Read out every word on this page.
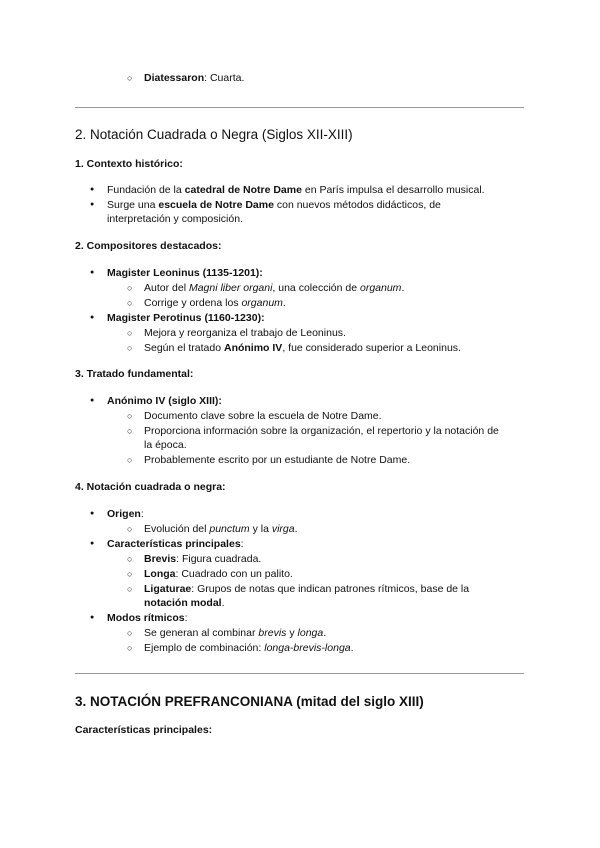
○ Diatessaron: Cuarta.
2. Notación Cuadrada o Negra (Siglos XII-XIII)
1. Contexto histórico:
● Fundación de la catedral de Notre Dame en París impulsa el desarrollo musical.
● Surge una escuela de Notre Dame con nuevos métodos didácticos, de
interpretación y composición.
2. Compositores destacados:
● Magister Leoninus (1135-1201):
○ Autor del Magni liber organi, una colección de organum.
○ Corrige y ordena los organum.
● Magister Perotinus (1160-1230):
○ Mejora y reorganiza el trabajo de Leoninus.
○ Según el tratado Anónimo IV, fue considerado superior a Leoninus.
3. Tratado fundamental:
● Anónimo IV (siglo XIII):
○ Documento clave sobre la escuela de Notre Dame.
○ Proporciona información sobre la organización, el repertorio y la notación de
la época.
○ Probablemente escrito por un estudiante de Notre Dame.
4. Notación cuadrada o negra:
● Origen:
○ Evolución del punctum y la virga.
● Características principales:
○ Brevis: Figura cuadrada.
○ Longa: Cuadrado con un palito.
○ Ligaturae: Grupos de notas que indican patrones rítmicos, base de la
notación modal.
● Modos rítmicos:
○ Se generan al combinar brevis y longa.
○ Ejemplo de combinación: longa-brevis-longa.
3. NOTACIÓN PREFRANCONIANA (mitad del siglo XIII)
Características principales:
